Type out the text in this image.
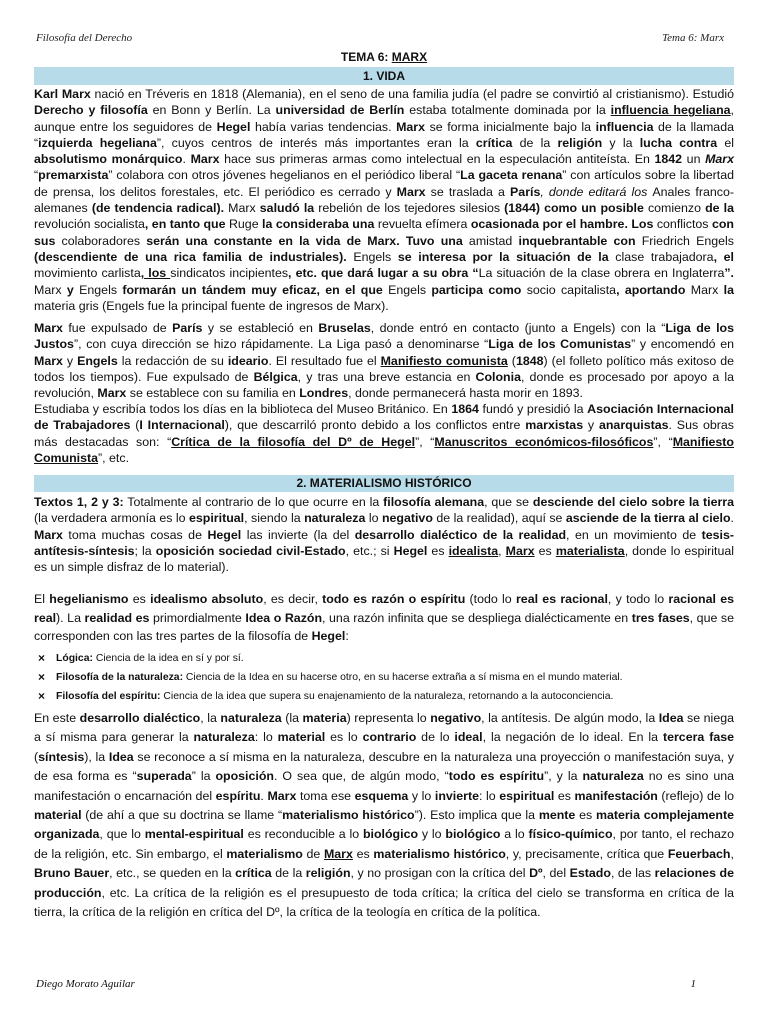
Filosofía del Derecho	Tema 6: Marx
TEMA 6: MARX
1. VIDA

Karl Marx nació en Tréveris en 1818 (Alemania), en el seno de una familia judía (el padre se convirtió al cristianismo). Estudió Derecho y filosofía en Bonn y Berlín. La universidad de Berlín estaba totalmente dominada por la influencia hegeliana, aunque entre los seguidores de Hegel había varias tendencias. Marx se forma inicialmente bajo la influencia de la llamada “izquierda hegeliana”, cuyos centros de interés más importantes eran la crítica de la religión y la lucha contra el absolutismo monárquico. Marx hace sus primeras armas como intelectual en la especulación antiteísta. En 1842 un Marx “premarxista” colabora con otros jóvenes hegelianos en el periódico liberal “La gaceta renana” con artículos sobre la libertad de prensa, los delitos forestales, etc. El periódico es cerrado y Marx se traslada a París, donde editará los Anales franco-alemanes (de tendencia radical). Marx saludó la rebelión de los tejedores silesios (1844) como un posible comienzo de la revolución socialista, en tanto que Ruge la consideraba una revuelta efímera ocasionada por el hambre. Los conflictos con sus colaboradores serán una constante en la vida de Marx. Tuvo una amistad inquebrantable con Friedrich Engels (descendiente de una rica familia de industriales). Engels se interesa por la situación de la clase trabajadora, el movimiento carlista, los sindicatos incipientes, etc. que dará lugar a su obra “La situación de la clase obrera en Inglaterra”. Marx y Engels formarán un tándem muy eficaz, en el que Engels participa como socio capitalista, aportando Marx la materia gris (Engels fue la principal fuente de ingresos de Marx).

Marx fue expulsado de París y se estableció en Bruselas, donde entró en contacto (junto a Engels) con la “Liga de los Justos”, con cuya dirección se hizo rápidamente. La Liga pasó a denominarse “Liga de los Comunistas” y encomendó en Marx y Engels la redacción de su ideario. El resultado fue el Manifiesto comunista (1848) (el folleto político más exitoso de todos los tiempos). Fue expulsado de Bélgica, y tras una breve estancia en Colonia, donde es procesado por apoyo a la revolución, Marx se establece con su familia en Londres, donde permanecerá hasta morir en 1893.

Estudiaba y escribía todos los días en la biblioteca del Museo Británico. En 1864 fundó y presidió la Asociación Internacional de Trabajadores (I Internacional), que descarriló pronto debido a los conflictos entre marxistas y anarquistas. Sus obras más destacadas son: “Crítica de la filosofía del Dº de Hegel”, “Manuscritos económicos-filosóficos”, “Manifiesto Comunista”, etc.

2. MATERIALISMO HISTÓRICO

Textos 1, 2 y 3: Totalmente al contrario de lo que ocurre en la filosofía alemana, que se desciende del cielo sobre la tierra (la verdadera armonía es lo espiritual, siendo la naturaleza lo negativo de la realidad), aquí se asciende de la tierra al cielo. Marx toma muchas cosas de Hegel las invierte (la del desarrollo dialéctico de la realidad, en un movimiento de tesis-antítesis-síntesis; la oposición sociedad civil-Estado, etc.; si Hegel es idealista, Marx es materialista, donde lo espiritual es un simple disfraz de lo material).

El hegelianismo es idealismo absoluto, es decir, todo es razón o espíritu (todo lo real es racional, y todo lo racional es real). La realidad es primordialmente Idea o Razón, una razón infinita que se despliega dialécticamente en tres fases, que se corresponden con las tres partes de la filosofía de Hegel:

× Lógica: Ciencia de la idea en sí y por sí.
× Filosofía de la naturaleza: Ciencia de la Idea en su hacerse otro, en su hacerse extraña a sí misma en el mundo material.
× Filosofía del espíritu: Ciencia de la idea que supera su enajenamiento de la naturaleza, retornando a la autoconciencia.

En este desarrollo dialéctico, la naturaleza (la materia) representa lo negativo, la antítesis. De algún modo, la Idea se niega a sí misma para generar la naturaleza: lo material es lo contrario de lo ideal, la negación de lo ideal. En la tercera fase (síntesis), la Idea se reconoce a sí misma en la naturaleza, descubre en la naturaleza una proyección o manifestación suya, y de esa forma es “superada” la oposición. O sea que, de algún modo, “todo es espíritu”, y la naturaleza no es sino una manifestación o encarnación del espíritu. Marx toma ese esquema y lo invierte: lo espiritual es manifestación (reflejo) de lo material (de ahí a que su doctrina se llame “materialismo histórico”). Esto implica que la mente es materia complejamente organizada, que lo mental-espiritual es reconducible a lo biológico y lo biológico a lo físico-químico, por tanto, el rechazo de la religión, etc. Sin embargo, el materialismo de Marx es materialismo histórico, y, precisamente, crítica que Feuerbach, Bruno Bauer, etc., se queden en la crítica de la religión, y no prosigan con la crítica del Dº, del Estado, de las relaciones de producción, etc. La crítica de la religión es el presupuesto de toda crítica; la crítica del cielo se transforma en crítica de la tierra, la crítica de la religión en crítica del Dº, la crítica de la teología en crítica de la política.

Diego Morato Aguilar	1
